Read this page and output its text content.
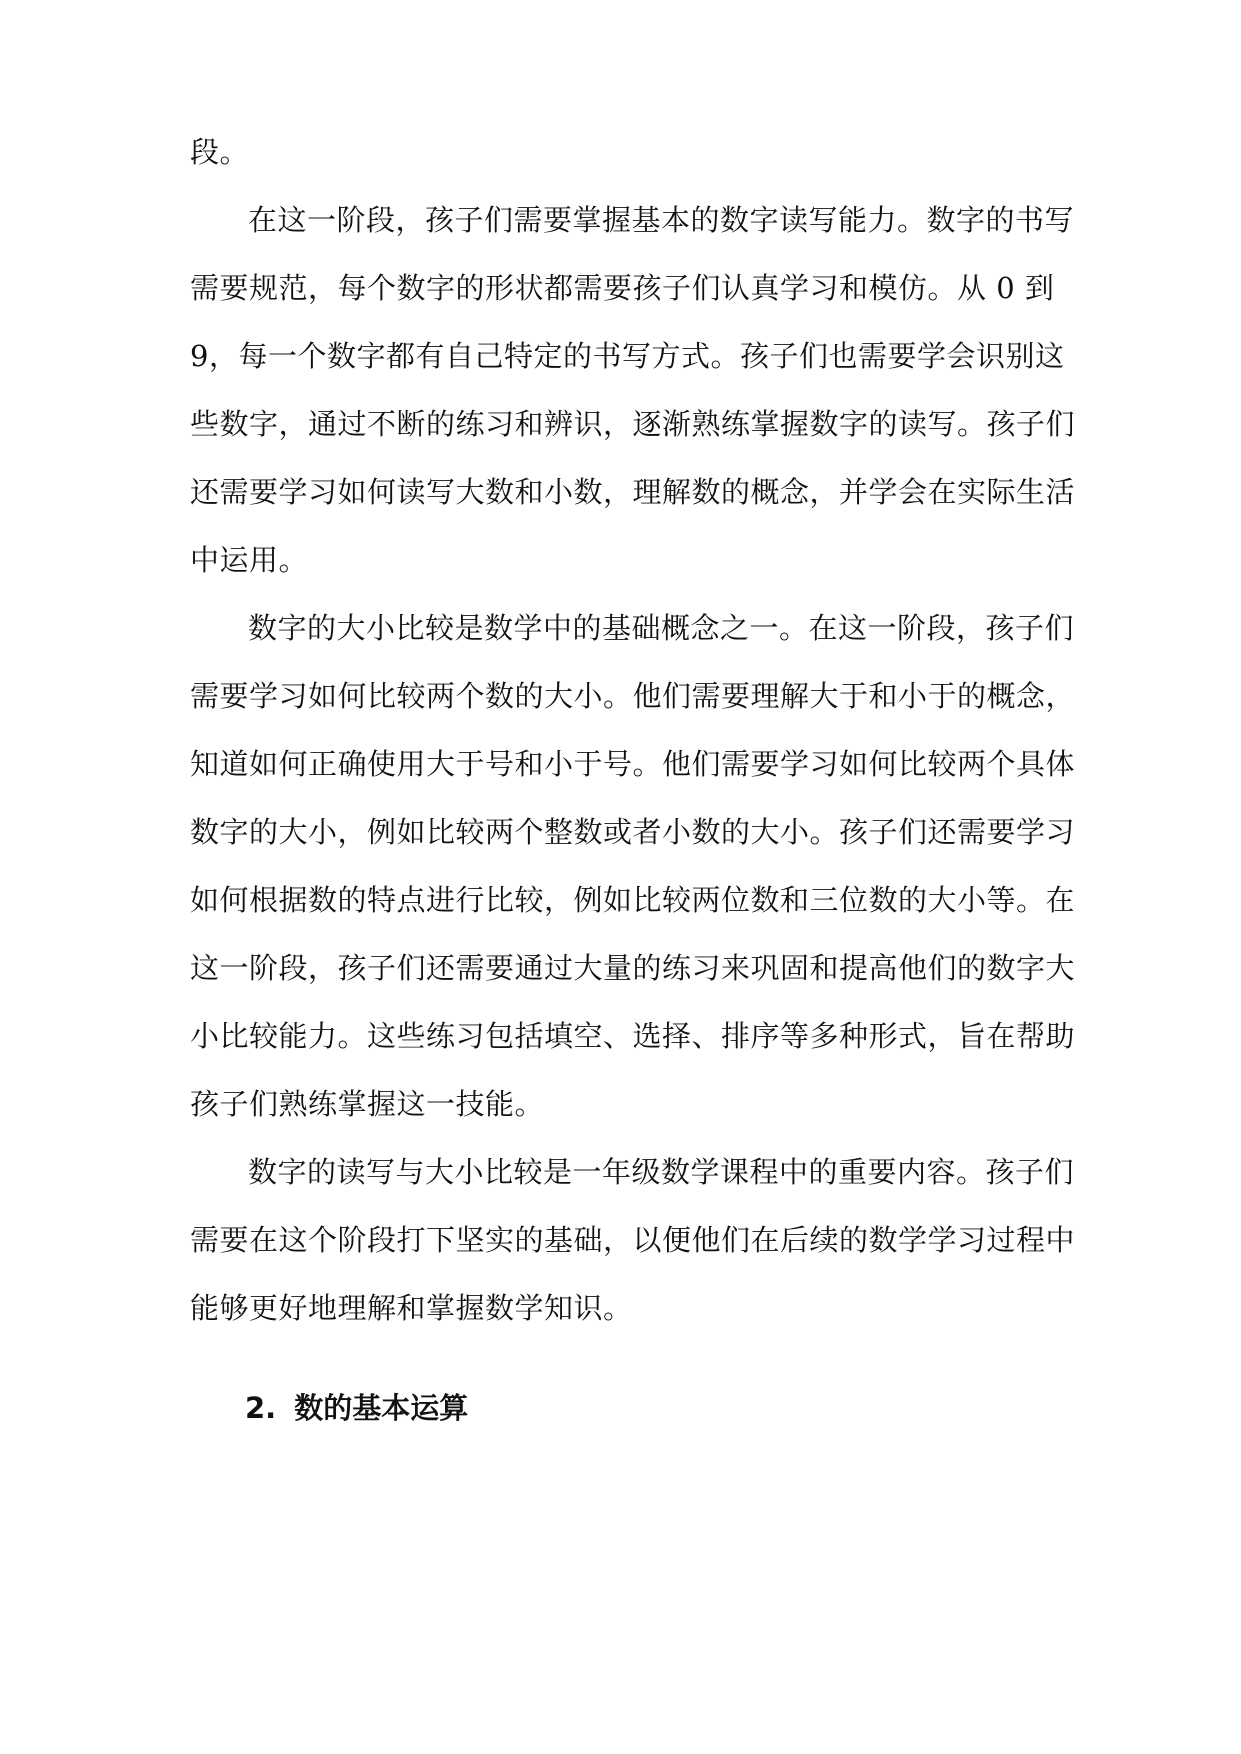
段。
在这一阶段，孩子们需要掌握基本的数字读写能力。数字的书写
需要规范，每个数字的形状都需要孩子们认真学习和模仿。从 0 到
9，每一个数字都有自己特定的书写方式。孩子们也需要学会识别这
些数字，通过不断的练习和辨识，逐渐熟练掌握数字的读写。孩子们
还需要学习如何读写大数和小数，理解数的概念，并学会在实际生活
中运用。
数字的大小比较是数学中的基础概念之一。在这一阶段，孩子们
需要学习如何比较两个数的大小。他们需要理解大于和小于的概念，
知道如何正确使用大于号和小于号。他们需要学习如何比较两个具体
数字的大小，例如比较两个整数或者小数的大小。孩子们还需要学习
如何根据数的特点进行比较，例如比较两位数和三位数的大小等。在
这一阶段，孩子们还需要通过大量的练习来巩固和提高他们的数字大
小比较能力。这些练习包括填空、选择、排序等多种形式，旨在帮助
孩子们熟练掌握这一技能。
数字的读写与大小比较是一年级数学课程中的重要内容。孩子们
需要在这个阶段打下坚实的基础，以便他们在后续的数学学习过程中
能够更好地理解和掌握数学知识。
2. 数的基本运算
